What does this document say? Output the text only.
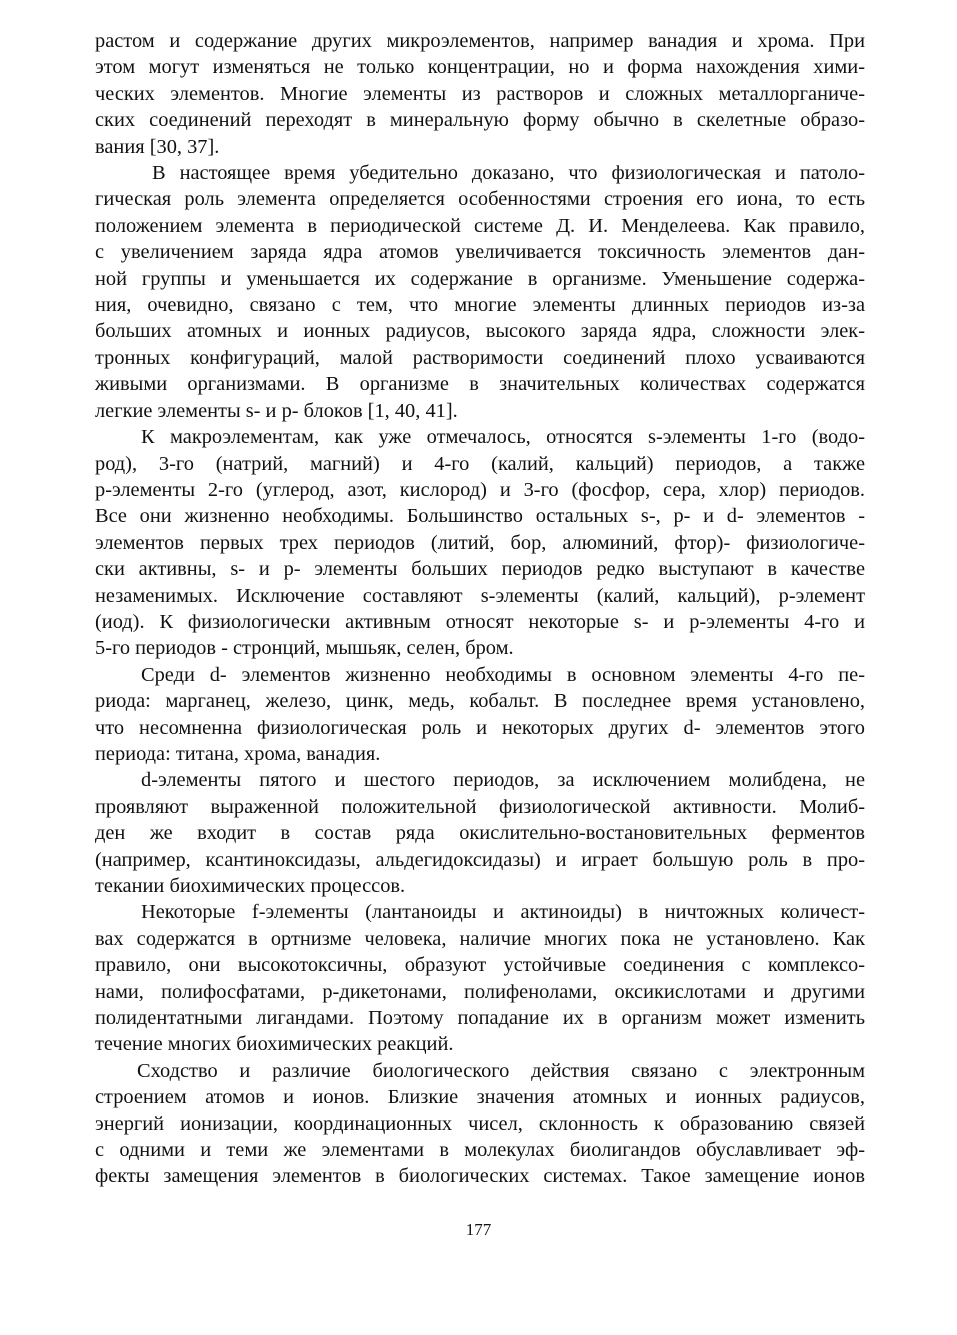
растом и содержание других микроэлементов, например ванадия и хрома. При
этом могут изменяться не только концентрации, но и форма нахождения хими-
ческих элементов. Многие элементы из растворов и сложных металлорганиче-
ских соединений переходят в минеральную форму обычно в скелетные образо-
вания [30, 37].

В настоящее время убедительно доказано, что физиологическая и патоло-
гическая роль элемента определяется особенностями строения его иона, то есть
положением элемента в периодической системе Д. И. Менделеева. Как правило,
с увеличением заряда ядра атомов увеличивается токсичность элементов дан-
ной группы и уменьшается их содержание в организме. Уменьшение содержа-
ния, очевидно, связано с тем, что многие элементы длинных периодов из-за
больших атомных и ионных радиусов, высокого заряда ядра, сложности элек-
тронных конфигураций, малой растворимости соединений плохо усваиваются
живыми организмами. В организме в значительных количествах содержатся
легкие элементы s- и p- блоков [1, 40, 41].

К макроэлементам, как уже отмечалось, относятся s-элементы 1-го (водо-
род), 3-го (натрий, магний) и 4-го (калий, кальций) периодов, а также
р-элементы 2-го (углерод, азот, кислород) и 3-го (фосфор, сера, хлор) периодов.
Все они жизненно необходимы. Большинство остальных s-, p- и d- элементов -
элементов первых трех периодов (литий, бор, алюминий, фтор)- физиологиче-
ски активны, s- и p- элементы больших периодов редко выступают в качестве
незаменимых. Исключение составляют s-элементы (калий, кальций), р-элемент
(иод). К физиологически активным относят некоторые s- и p-элементы 4-го и
5-го периодов - стронций, мышьяк, селен, бром.

Среди d- элементов жизненно необходимы в основном элементы 4-го пе-
риода: марганец, железо, цинк, медь, кобальт. В последнее время установлено,
что несомненна физиологическая роль и некоторых других d- элементов этого
периода: титана, хрома, ванадия.

d-элементы пятого и шестого периодов, за исключением молибдена, не
проявляют выраженной положительной физиологической активности. Молиб-
ден же входит в состав ряда окислительно-востановительных ферментов
(например, ксантиноксидазы, альдегидоксидазы) и играет большую роль в про-
текании биохимических процессов.

Некоторые f-элементы (лантаноиды и актиноиды) в ничтожных количест-
вах содержатся в ортнизме человека, наличие многих пока не установлено. Как
правило, они высокотоксичны, образуют устойчивые соединения с комплексо-
нами, полифосфатами, р-дикетонами, полифенолами, оксикислотами и другими
полидентатными лигандами. Поэтому попадание их в организм может изменить
течение многих биохимических реакций.

Сходство и различие биологического действия связано с электронным
строением атомов и ионов. Близкие значения атомных и ионных радиусов,
энергий ионизации, координационных чисел, склонность к образованию связей
с одними и теми же элементами в молекулах биолигандов обуславливает эф-
фекты замещения элементов в биологических системах. Такое замещение ионов

177
